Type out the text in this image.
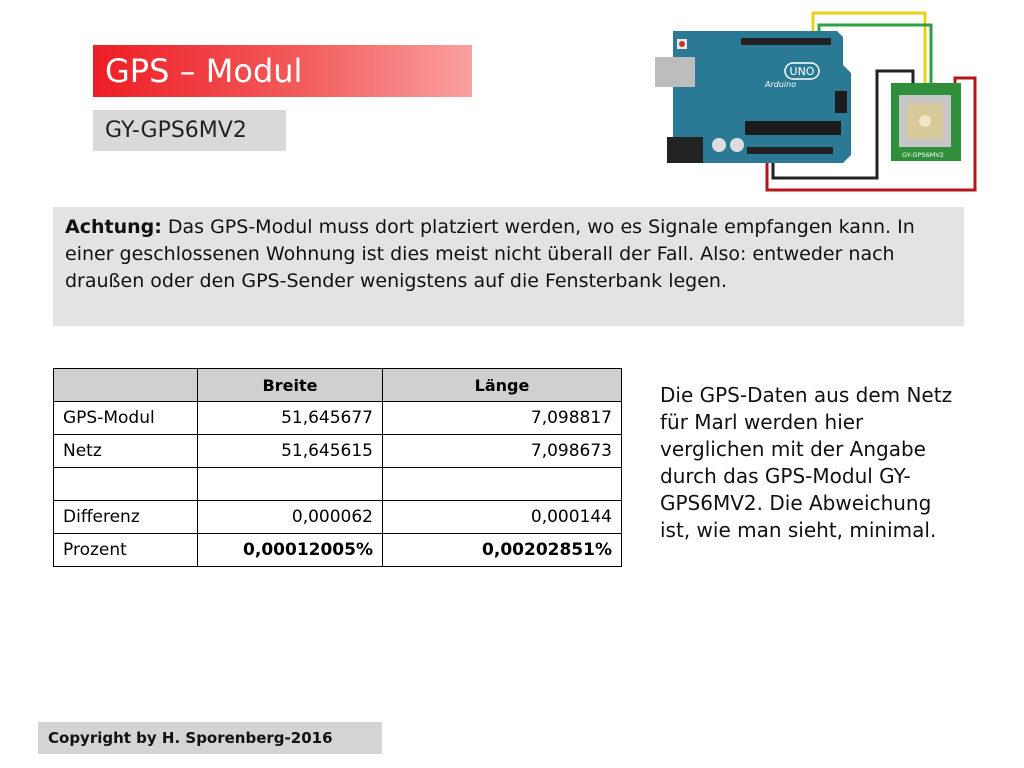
GPS – Modul
GY-GPS6MV2
UNO
Arduino
GY-GPS6MV2
Achtung: Das GPS-Modul muss dort platziert werden, wo es Signale empfangen kann. In einer geschlossenen Wohnung ist dies meist nicht überall der Fall. Also: entweder nach draußen oder den GPS-Sender wenigstens auf die Fensterbank legen.
	Breite	Länge
GPS-Modul	51,645677	7,098817
Netz	51,645615	7,098673

Differenz	0,000062	0,000144
Prozent	0,00012005%	0,00202851%
Die GPS-Daten aus dem Netz für Marl werden hier verglichen mit der Angabe durch das GPS-Modul GY-GPS6MV2. Die Abweichung ist, wie man sieht, minimal.
Copyright by H. Sporenberg-2016
